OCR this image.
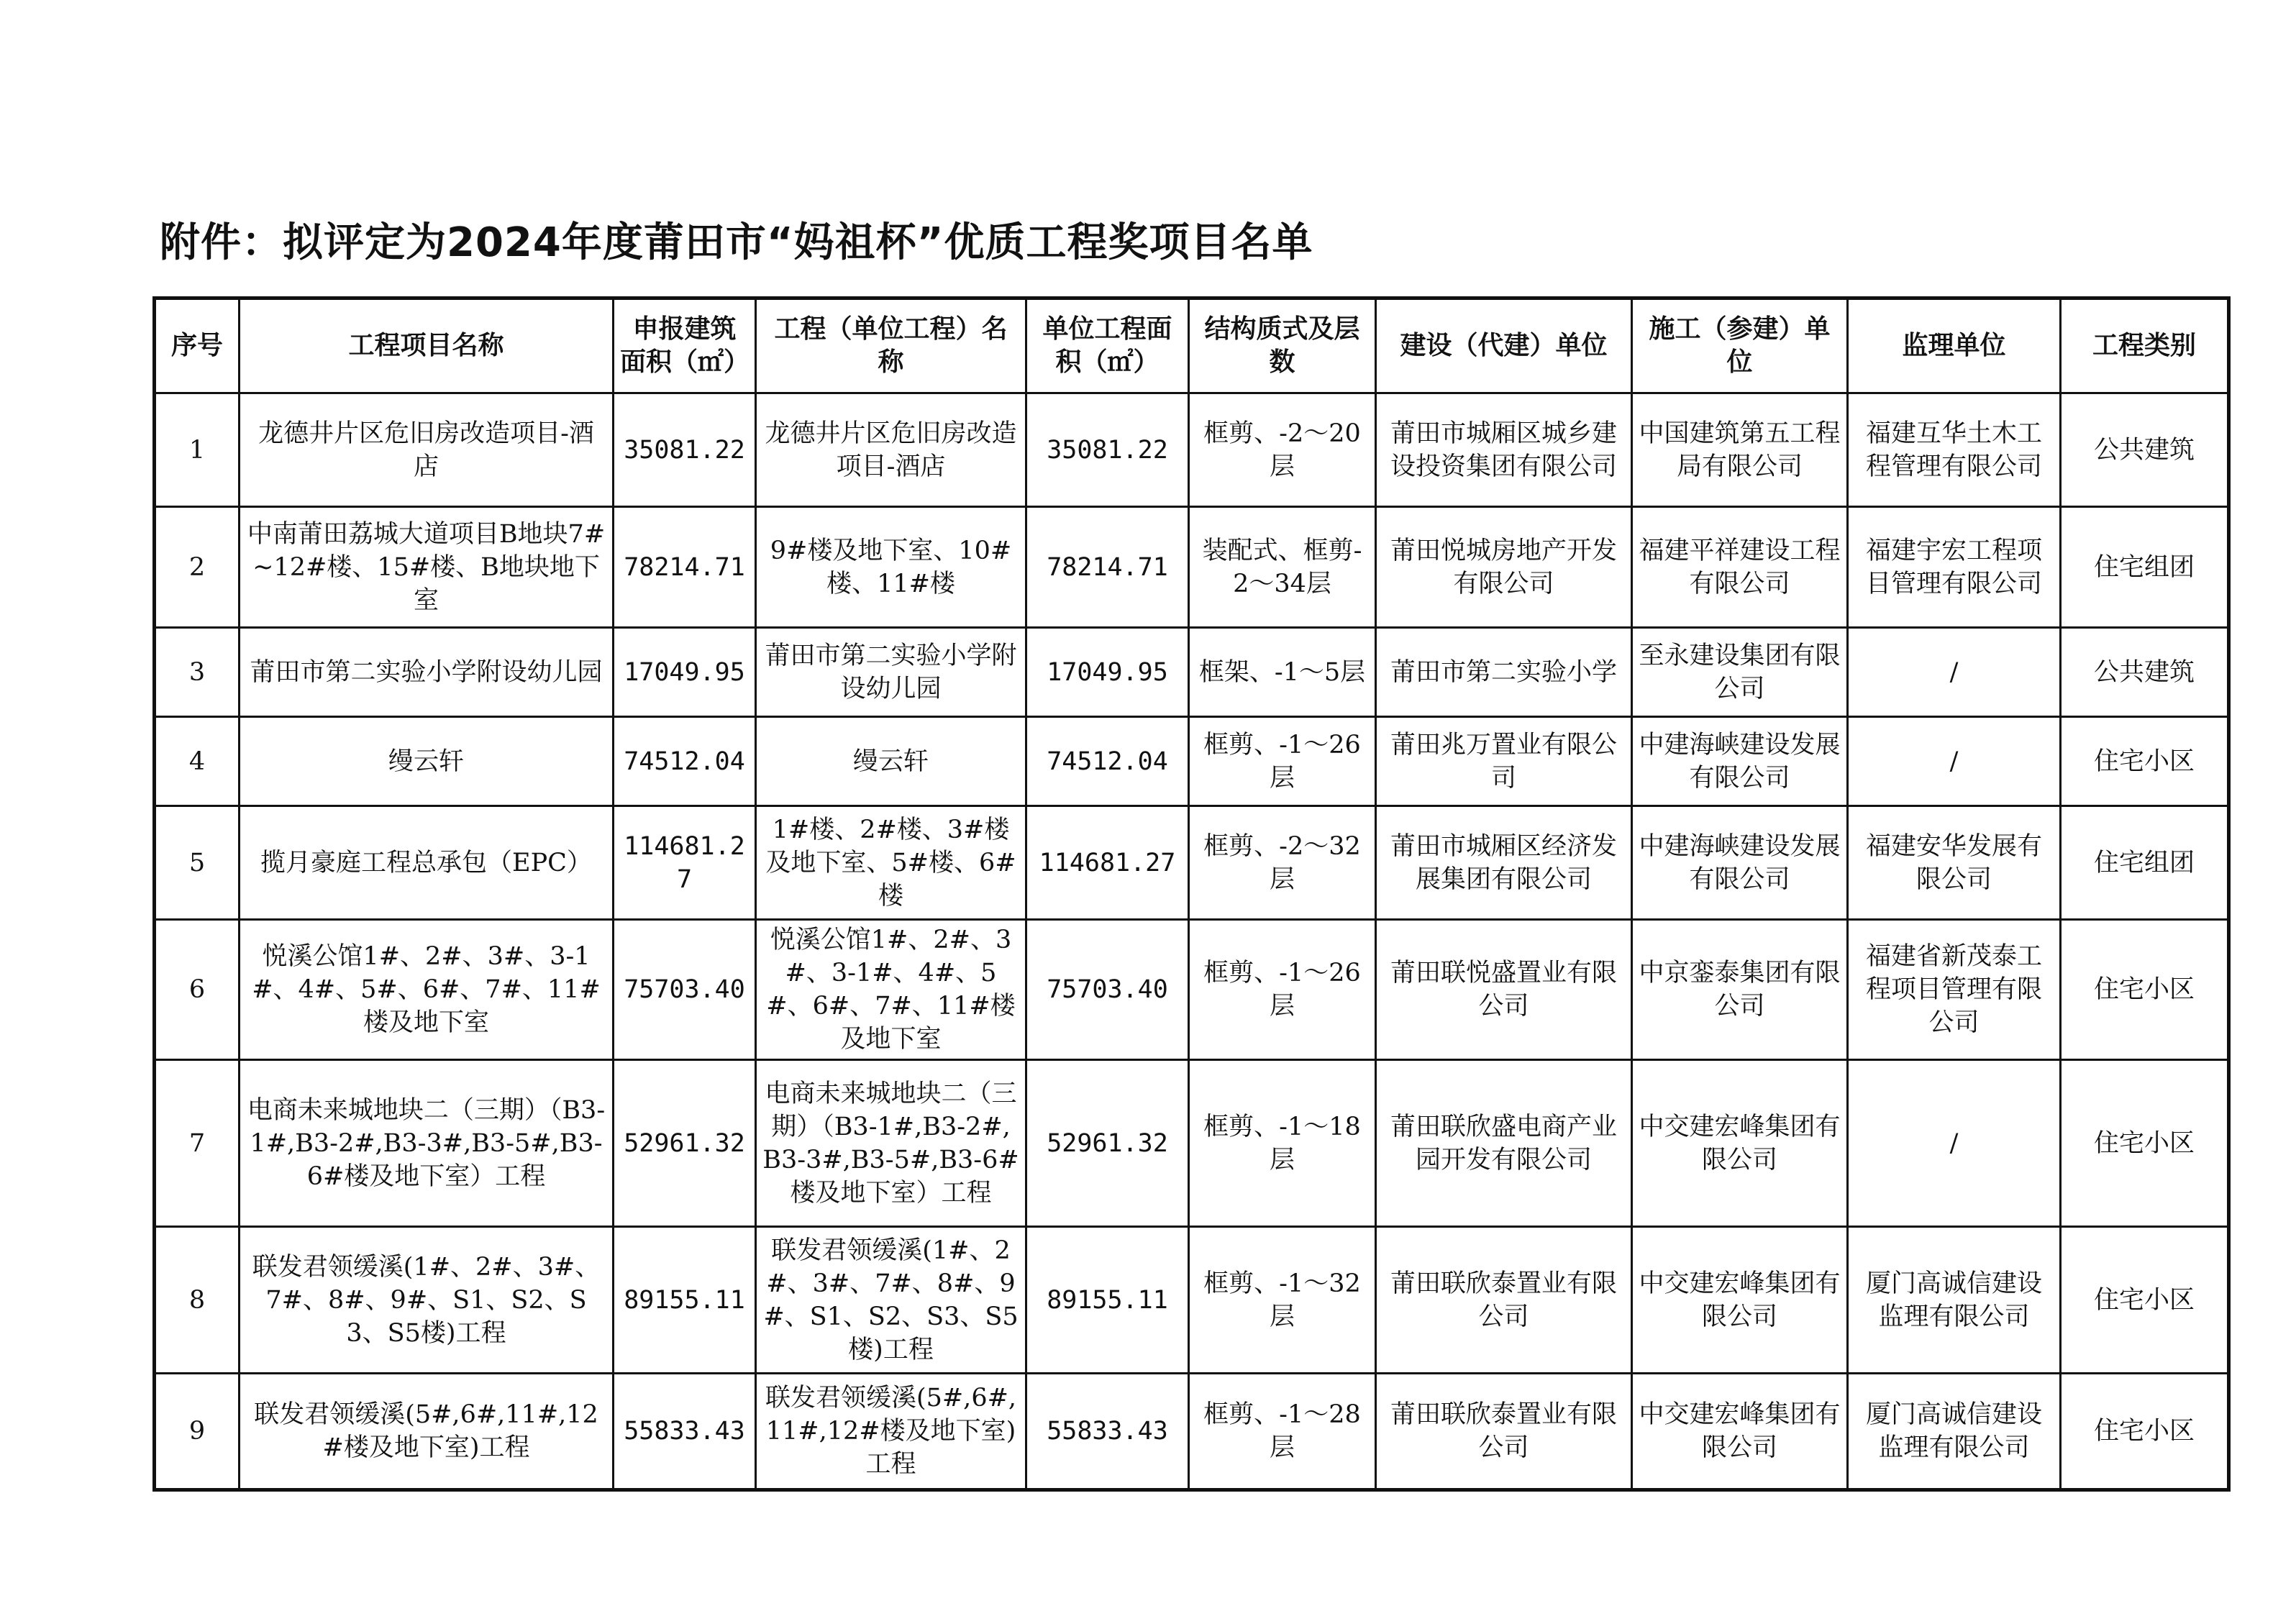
附件：拟评定为2024年度莆田市“妈祖杯”优质工程奖项目名单
序号	工程项目名称	申报建筑面积（㎡）	工程（单位工程）名称	单位工程面积（㎡）	结构质式及层数	建设（代建）单位	施工（参建）单位	监理单位	工程类别
1	龙德井片区危旧房改造项目-酒店	35081.22	龙德井片区危旧房改造项目-酒店	35081.22	框剪、-2～20层	莆田市城厢区城乡建设投资集团有限公司	中国建筑第五工程局有限公司	福建互华土木工程管理有限公司	公共建筑
2	中南莆田荔城大道项目B地块7#~12#楼、15#楼、B地块地下室	78214.71	9#楼及地下室、10#楼、11#楼	78214.71	装配式、框剪-2～34层	莆田悦城房地产开发有限公司	福建平祥建设工程有限公司	福建宇宏工程项目管理有限公司	住宅组团
3	莆田市第二实验小学附设幼儿园	17049.95	莆田市第二实验小学附设幼儿园	17049.95	框架、-1～5层	莆田市第二实验小学	至永建设集团有限公司	/	公共建筑
4	缦云轩	74512.04	缦云轩	74512.04	框剪、-1～26层	莆田兆万置业有限公司	中建海峡建设发展有限公司	/	住宅小区
5	揽月豪庭工程总承包（EPC）	114681.27	1#楼、2#楼、3#楼及地下室、5#楼、6#楼	114681.27	框剪、-2～32层	莆田市城厢区经济发展集团有限公司	中建海峡建设发展有限公司	福建安华发展有限公司	住宅组团
6	悦溪公馆1#、2#、3#、3-1#、4#、5#、6#、7#、11#楼及地下室	75703.40	悦溪公馆1#、2#、3#、3-1#、4#、5#、6#、7#、11#楼及地下室	75703.40	框剪、-1～26层	莆田联悦盛置业有限公司	中京銮泰集团有限公司	福建省新茂泰工程项目管理有限公司	住宅小区
7	电商未来城地块二（三期）（B3-1#,B3-2#,B3-3#,B3-5#,B3-6#楼及地下室）工程	52961.32	电商未来城地块二（三期）（B3-1#,B3-2#,B3-3#,B3-5#,B3-6#楼及地下室）工程	52961.32	框剪、-1～18层	莆田联欣盛电商产业园开发有限公司	中交建宏峰集团有限公司	/	住宅小区
8	联发君领缓溪(1#、2#、3#、7#、8#、9#、S1、S2、S3、S5楼)工程	89155.11	联发君领缓溪(1#、2#、3#、7#、8#、9#、S1、S2、S3、S5楼)工程	89155.11	框剪、-1～32层	莆田联欣泰置业有限公司	中交建宏峰集团有限公司	厦门高诚信建设监理有限公司	住宅小区
9	联发君领缓溪(5#,6#,11#,12#楼及地下室)工程	55833.43	联发君领缓溪(5#,6#,11#,12#楼及地下室)工程	55833.43	框剪、-1～28层	莆田联欣泰置业有限公司	中交建宏峰集团有限公司	厦门高诚信建设监理有限公司	住宅小区
